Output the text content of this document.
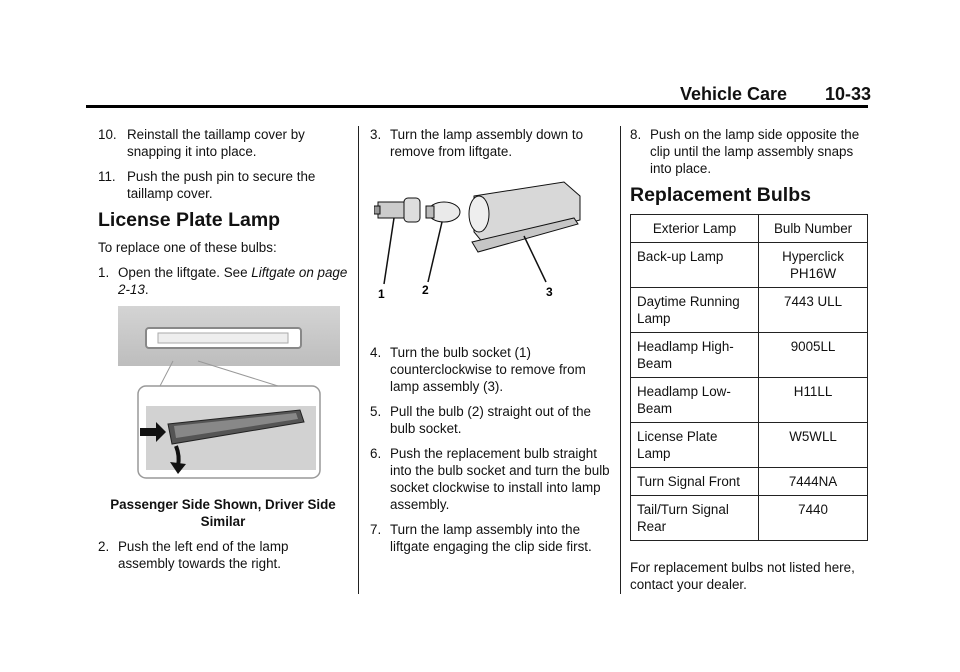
Vehicle Care 10-33
10. Reinstall the taillamp cover by snapping it into place.
11. Push the push pin to secure the taillamp cover.
License Plate Lamp
To replace one of these bulbs:
1. Open the liftgate. See Liftgate on page 2-13.
Passenger Side Shown, Driver Side Similar
2. Push the left end of the lamp assembly towards the right.
3. Turn the lamp assembly down to remove from liftgate.
1	2	3
4. Turn the bulb socket (1) counterclockwise to remove from lamp assembly (3).
5. Pull the bulb (2) straight out of the bulb socket.
6. Push the replacement bulb straight into the bulb socket and turn the bulb socket clockwise to install into lamp assembly.
7. Turn the lamp assembly into the liftgate engaging the clip side first.
8. Push on the lamp side opposite the clip until the lamp assembly snaps into place.
Replacement Bulbs
Exterior Lamp	Bulb Number
Back-up Lamp	Hyperclick PH16W
Daytime Running Lamp	7443 ULL
Headlamp High-Beam	9005LL
Headlamp Low-Beam	H11LL
License Plate Lamp	W5WLL
Turn Signal Front	7444NA
Tail/Turn Signal Rear	7440
For replacement bulbs not listed here, contact your dealer.
